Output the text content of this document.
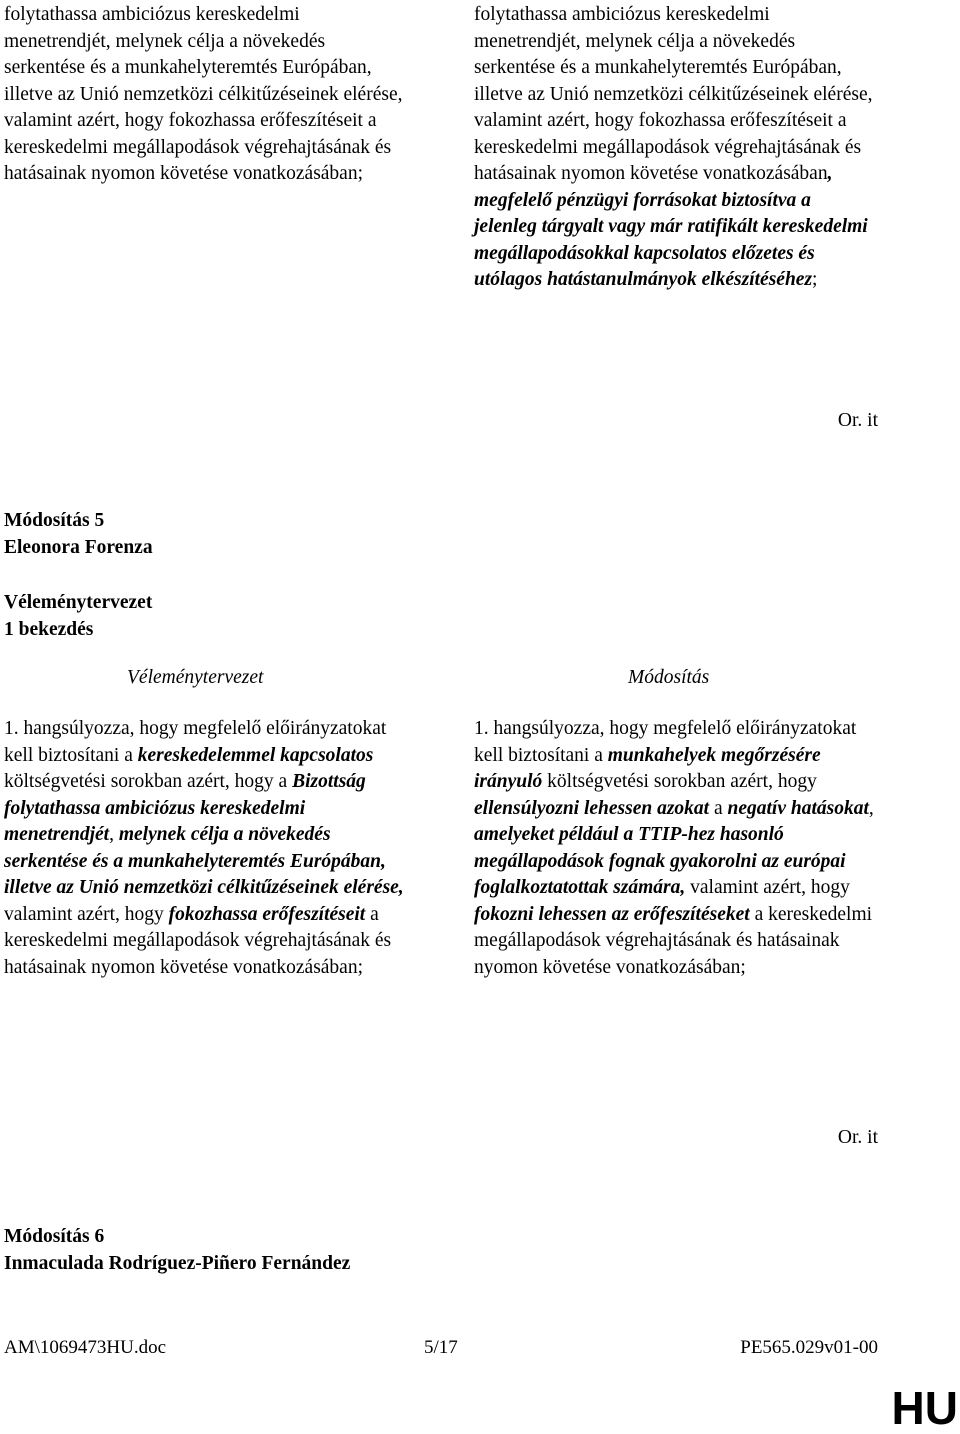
folytathassa ambiciózus kereskedelmi menetrendjét, melynek célja a növekedés serkentése és a munkahelyteremtés Európában, illetve az Unió nemzetközi célkitűzéseinek elérése, valamint azért, hogy fokozhassa erőfeszítéseit a kereskedelmi megállapodások végrehajtásának és hatásainak nyomon követése vonatkozásában;

folytathassa ambiciózus kereskedelmi menetrendjét, melynek célja a növekedés serkentése és a munkahelyteremtés Európában, illetve az Unió nemzetközi célkitűzéseinek elérése, valamint azért, hogy fokozhassa erőfeszítéseit a kereskedelmi megállapodások végrehajtásának és hatásainak nyomon követése vonatkozásában, megfelelő pénzügyi forrásokat biztosítva a jelenleg tárgyalt vagy már ratifikált kereskedelmi megállapodásokkal kapcsolatos előzetes és utólagos hatástanulmányok elkészítéséhez;

Or. it
Módosítás 5
Eleonora Forenza
Véleménytervezet
1 bekezdés
Véleménytervezet	Módosítás

1. hangsúlyozza, hogy megfelelő előirányzatokat kell biztosítani a kereskedelemmel kapcsolatos költségvetési sorokban azért, hogy a Bizottság folytathassa ambiciózus kereskedelmi menetrendjét, melynek célja a növekedés serkentése és a munkahelyteremtés Európában, illetve az Unió nemzetközi célkitűzéseinek elérése, valamint azért, hogy fokozhassa erőfeszítéseit a kereskedelmi megállapodások végrehajtásának és hatásainak nyomon követése vonatkozásában;

1. hangsúlyozza, hogy megfelelő előirányzatokat kell biztosítani a munkahelyek megőrzésére irányuló költségvetési sorokban azért, hogy ellensúlyozni lehessen azokat a negatív hatásokat, amelyeket például a TTIP-hez hasonló megállapodások fognak gyakorolni az európai foglalkoztatottak számára, valamint azért, hogy fokozni lehessen az erőfeszítéseket a kereskedelmi megállapodások végrehajtásának és hatásainak nyomon követése vonatkozásában;

Or. it
Módosítás 6
Inmaculada Rodríguez-Piñero Fernández
AM\1069473HU.doc	5/17	PE565.029v01-00
HU
